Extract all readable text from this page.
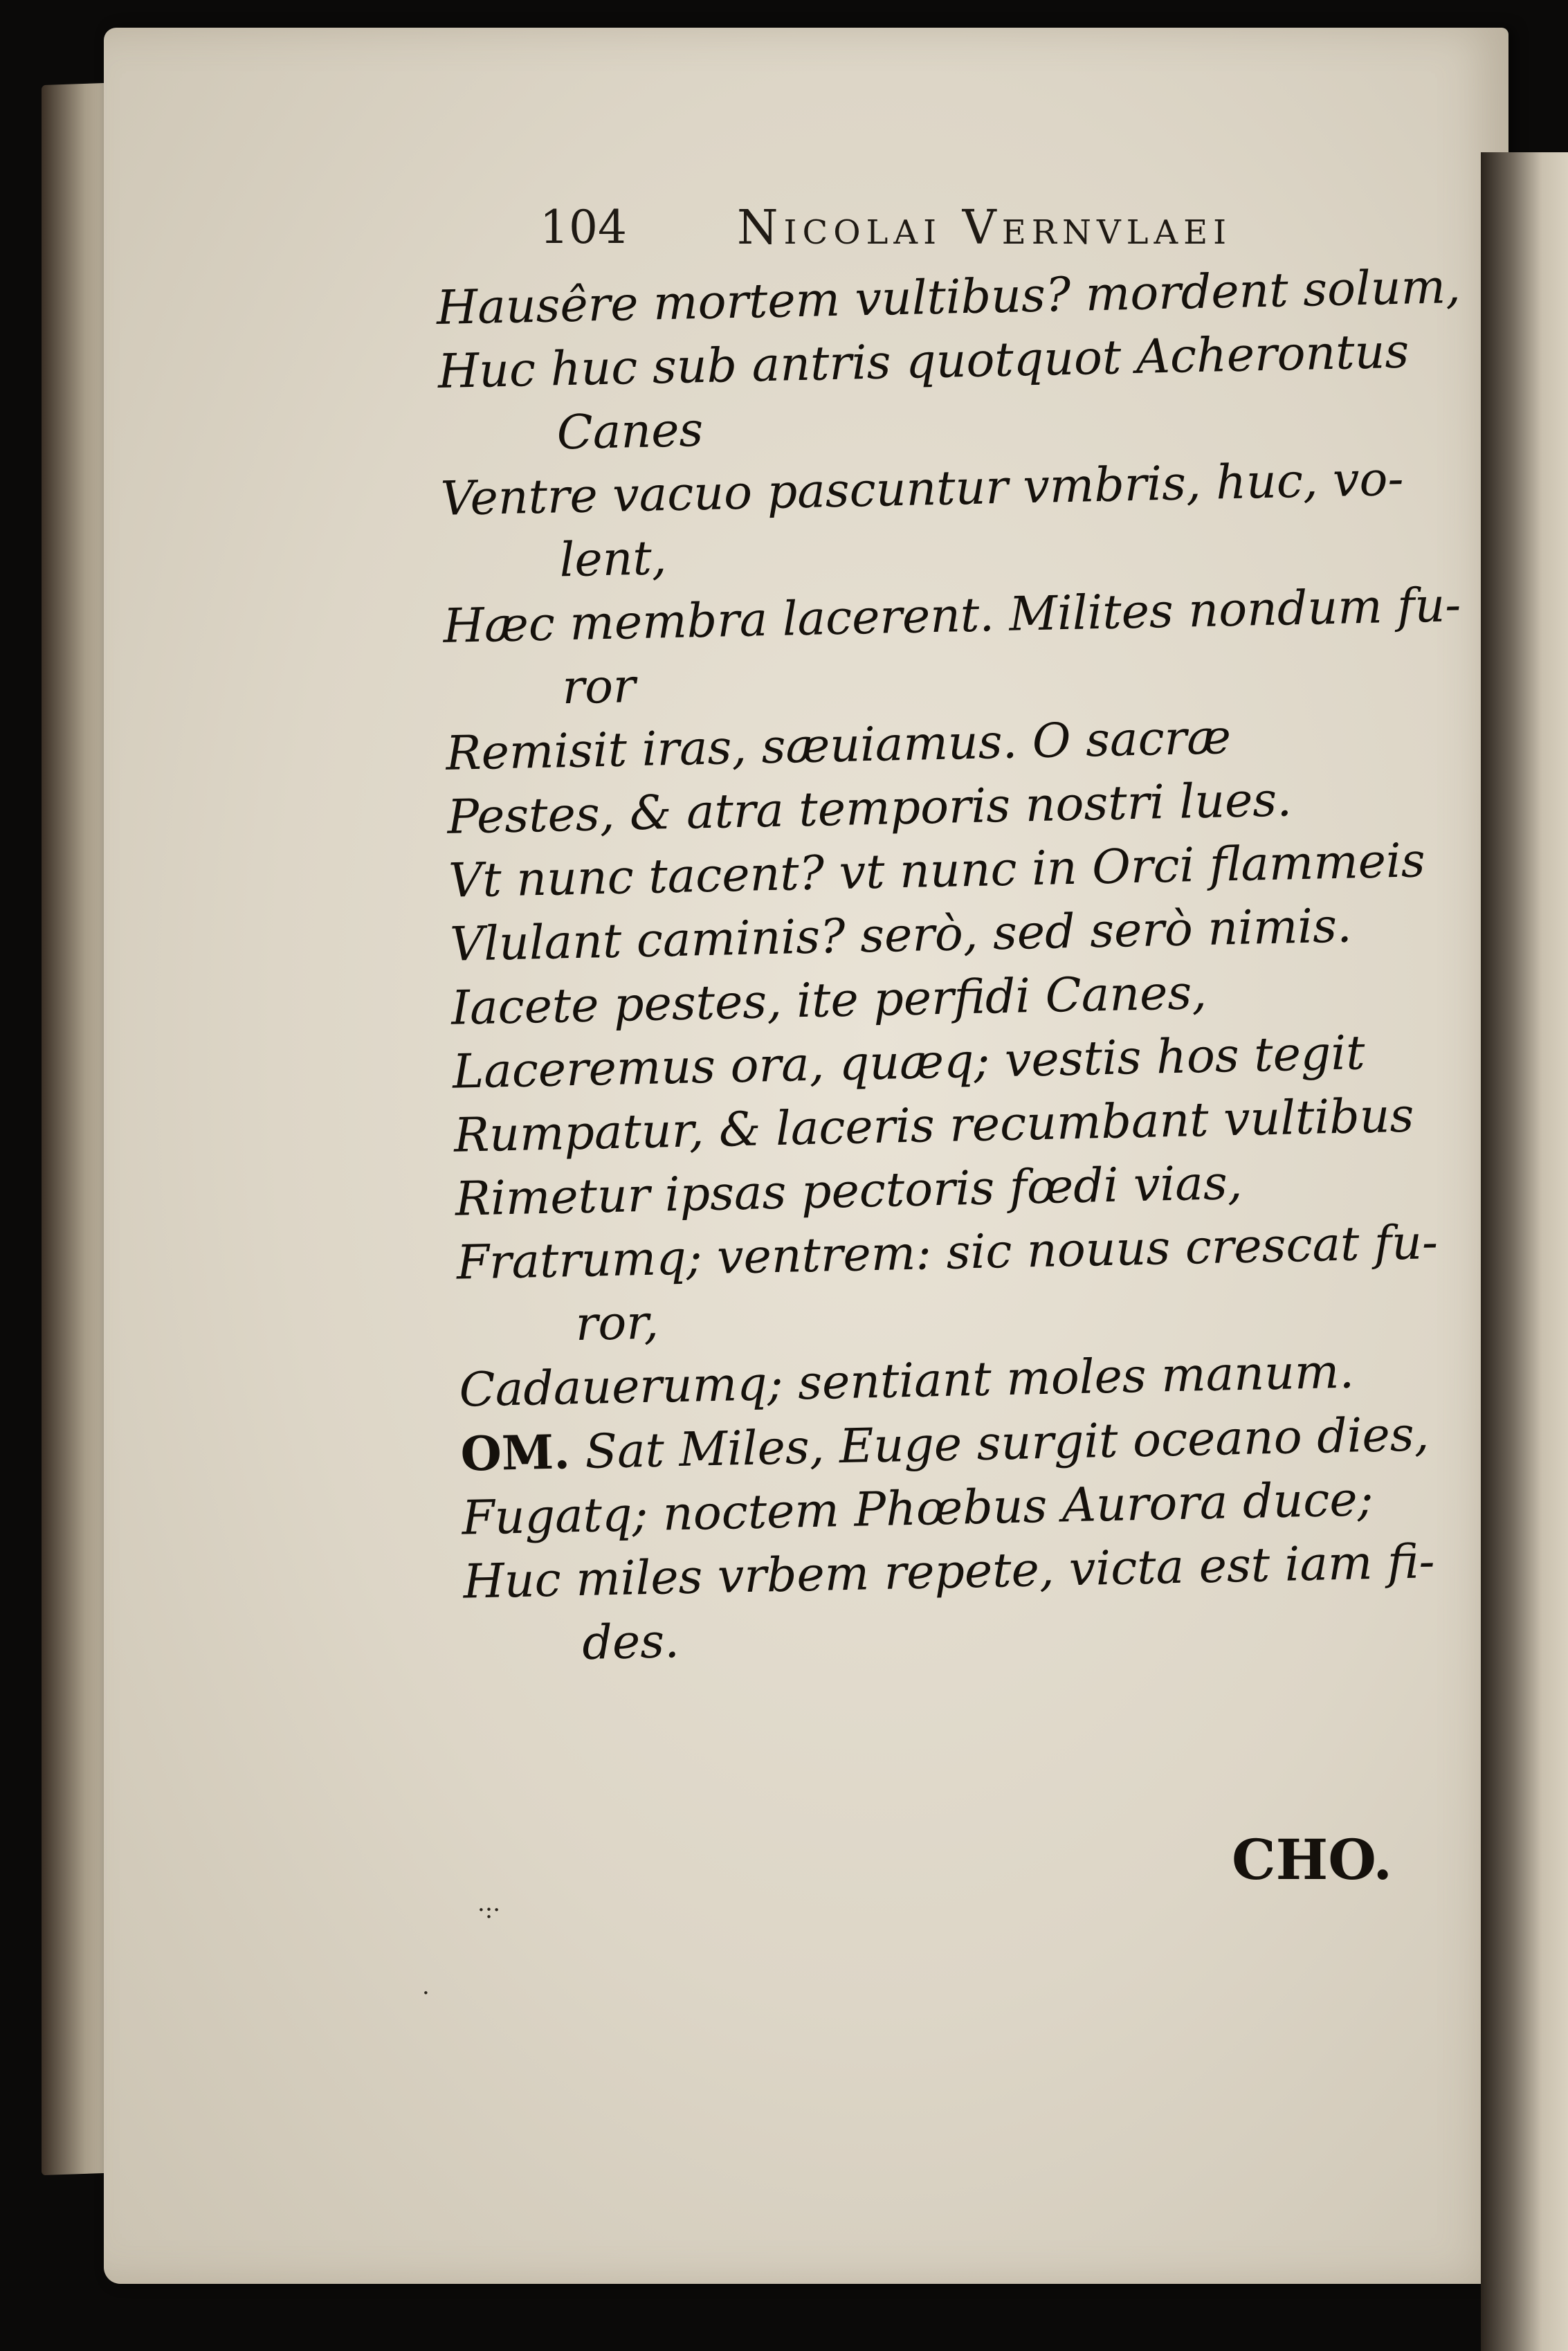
104 Nicolai Vernvlaei
Hausêre mortem vultibus? mordent solum,
Huc huc sub antris quotquot Acherontus
Canes
Ventre vacuo pascuntur vmbris, huc, vo-
lent,
Hæc membra lacerent. Milites nondum fu-
ror
Remisit iras, sæuiamus. O sacræ
Pestes, & atra temporis nostri lues.
Vt nunc tacent? vt nunc in Orci flammeis
Vlulant caminis? serò, sed serò nimis.
Iacete pestes, ite perfidi Canes,
Laceremus ora, quæq; vestis hos tegit
Rumpatur, & laceris recumbant vultibus
Rimetur ipsas pectoris fœdi vias,
Fratrumq; ventrem: sic nouus crescat fu-
ror,
Cadauerumq; sentiant moles manum.
OM. Sat Miles, Euge surgit oceano dies,
Fugatq; noctem Phœbus Aurora duce;
Huc miles vrbem repete, victa est iam fi-
des.
CHO.
·:·
·
